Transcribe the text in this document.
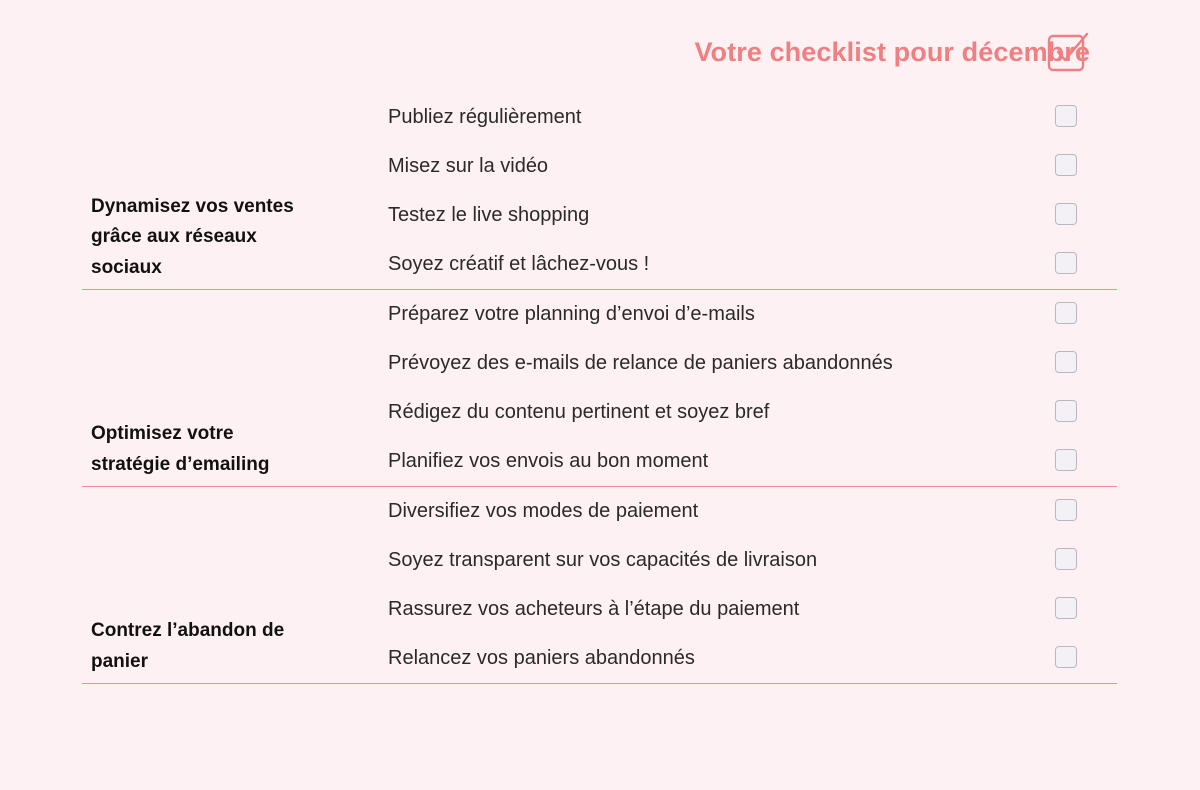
Votre checklist pour décembre
Dynamisez vos ventes grâce aux réseaux sociaux
Publiez régulièrement
Misez sur la vidéo
Testez le live shopping
Soyez créatif et lâchez-vous !
Optimisez votre stratégie d’emailing
Préparez votre planning d’envoi d’e-mails
Prévoyez des e-mails de relance de paniers abandonnés
Rédigez du contenu pertinent et soyez bref
Planifiez vos envois au bon moment
Contrez l’abandon de panier
Diversifiez vos modes de paiement
Soyez transparent sur vos capacités de livraison
Rassurez vos acheteurs à l’étape du paiement
Relancez vos paniers abandonnés
